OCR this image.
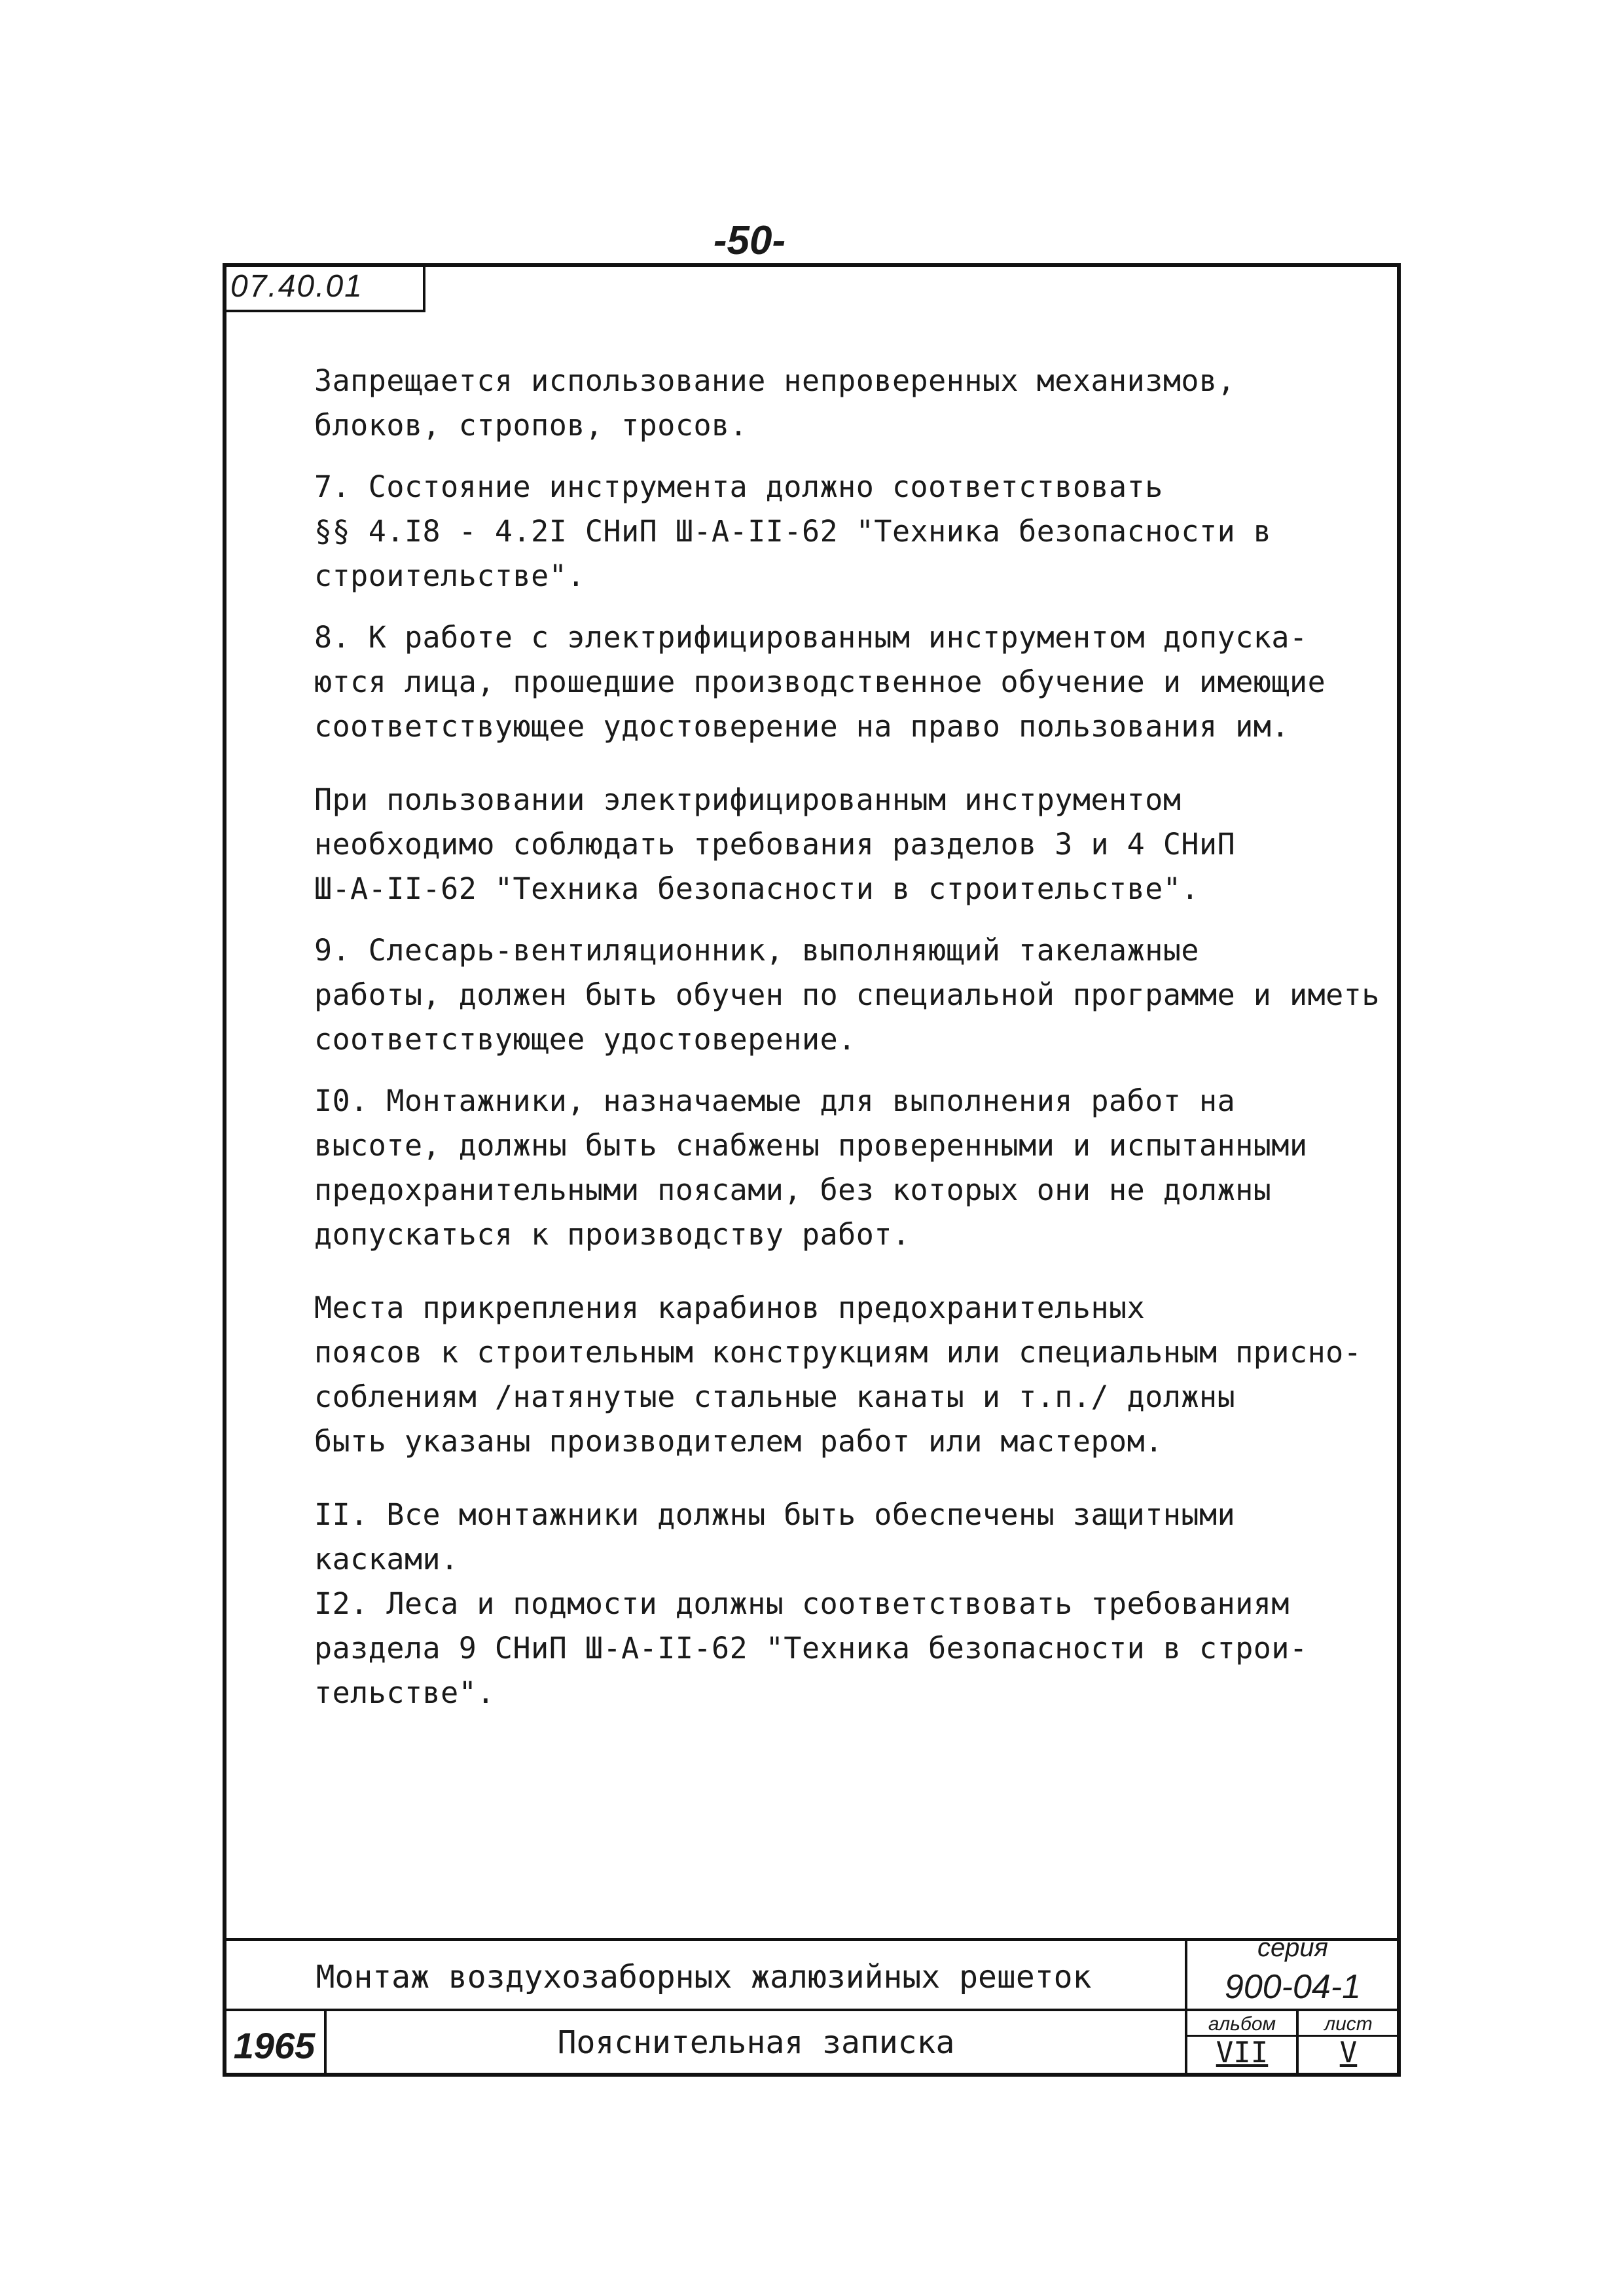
-50-
07.40.01

Запрещается использование непроверенных механизмов,
блоков, стропов, тросов.

7. Состояние инструмента должно соответствовать
§§ 4.I8 - 4.2I СНиП Ш-А-II-62 "Техника безопасности в
строительстве".

8. К работе с электрифицированным инструментом допуска-
ются лица, прошедшие производственное обучение и имеющие
соответствующее удостоверение на право пользования им.

При пользовании электрифицированным инструментом
необходимо соблюдать требования разделов 3 и 4 СНиП
Ш-А-II-62 "Техника безопасности в строительстве".

9. Слесарь-вентиляционник, выполняющий такелажные
работы, должен быть обучен по специальной программе и иметь
соответствующее удостоверение.

I0. Монтажники, назначаемые для выполнения работ на
высоте, должны быть снабжены проверенными и испытанными
предохранительными поясами, без которых они не должны
допускаться к производству работ.

Места прикрепления карабинов предохранительных
поясов к строительным конструкциям или специальным присно-
соблениям /натянутые стальные канаты и т.п./ должны
быть указаны производителем работ или мастером.

II. Все монтажники должны быть обеспечены защитными
касками.

I2. Леса и подмости должны соответствовать требованиям
раздела 9 СНиП Ш-А-II-62 "Техника безопасности в строи-
тельстве".

Монтаж воздухозаборных жалюзийных решеток
Пояснительная записка
1965
серия
900-04-1
альбом	лист
VII	V
